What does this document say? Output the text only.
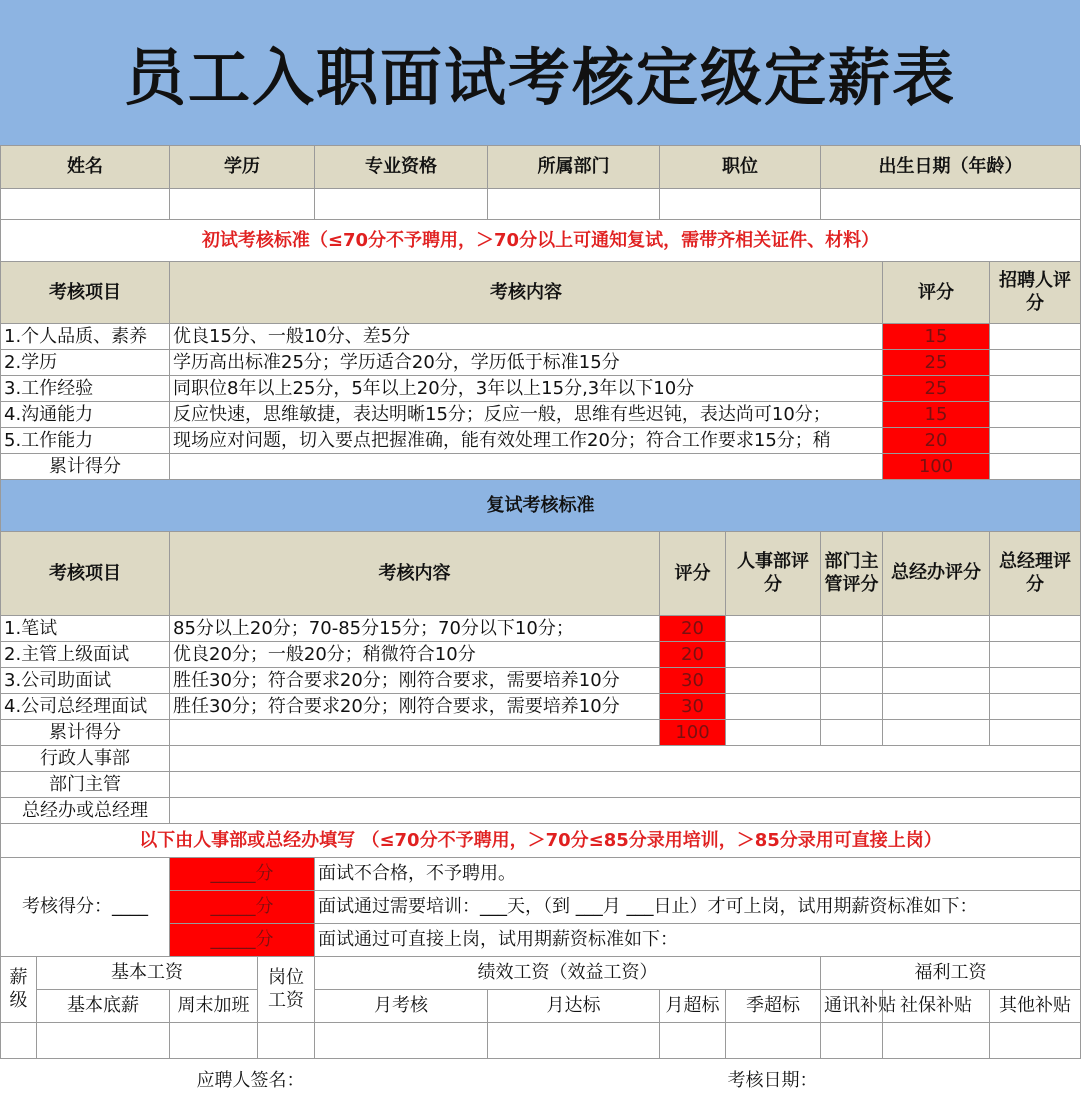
员工入职面试考核定级定薪表
姓名		学历		专业资格	所属部门	职位		出生日期（年龄）		

初试考核标准（≤70分不予聘用，＞70分以上可通知复试，需带齐相关证件、材料）										
考核项目		考核内容							评分	招聘人评分
1.个人品质、素养		优良15分、一般10分、差5分							15	
2.学历		学历高出标准25分；学历适合20分，学历低于标准15分							25	
3.工作经验		同职位8年以上25分，5年以上20分，3年以上15分,3年以下10分							25	
4.沟通能力		反应快速，思维敏捷，表达明晰15分；反应一般，思维有些迟钝，表达尚可10分；							15	
5.工作能力		现场应对问题，切入要点把握准确，能有效处理工作20分；符合工作要求15分；稍							20	
累计得分									100	
复试考核标准										
考核项目		考核内容				评分	人事部评分	部门主管评分	总经办评分	总经理评分
1.笔试		85分以上20分；70-85分15分；70分以下10分；				20				
2.主管上级面试		优良20分；一般20分；稍微符合10分				20				
3.公司助面试		胜任30分；符合要求20分；刚符合要求，需要培养10分				30				
4.公司总经理面试		胜任30分；符合要求20分；刚符合要求，需要培养10分				30				
累计得分						100				
行政人事部										
部门主管										
总经办或总经理										
以下由人事部或总经办填写 （≤70分不予聘用，＞70分≤85分录用培训，＞85分录用可直接上岗）										
考核得分：____		_____分		面试不合格，不予聘用。						
		_____分		面试通过需要培训：___天，（到 ___月 ___日止）才可上岗，试用期薪资标准如下：						
		_____分		面试通过可直接上岗，试用期薪资标准如下：						
薪级	基本工资		岗位工资	绩效工资（效益工资）				福利工资		
	基本底薪	周末加班		月考核	月达标	月超标	季超标	通讯补贴	社保补贴	其他补贴

应聘人签名：						考核日期：				
